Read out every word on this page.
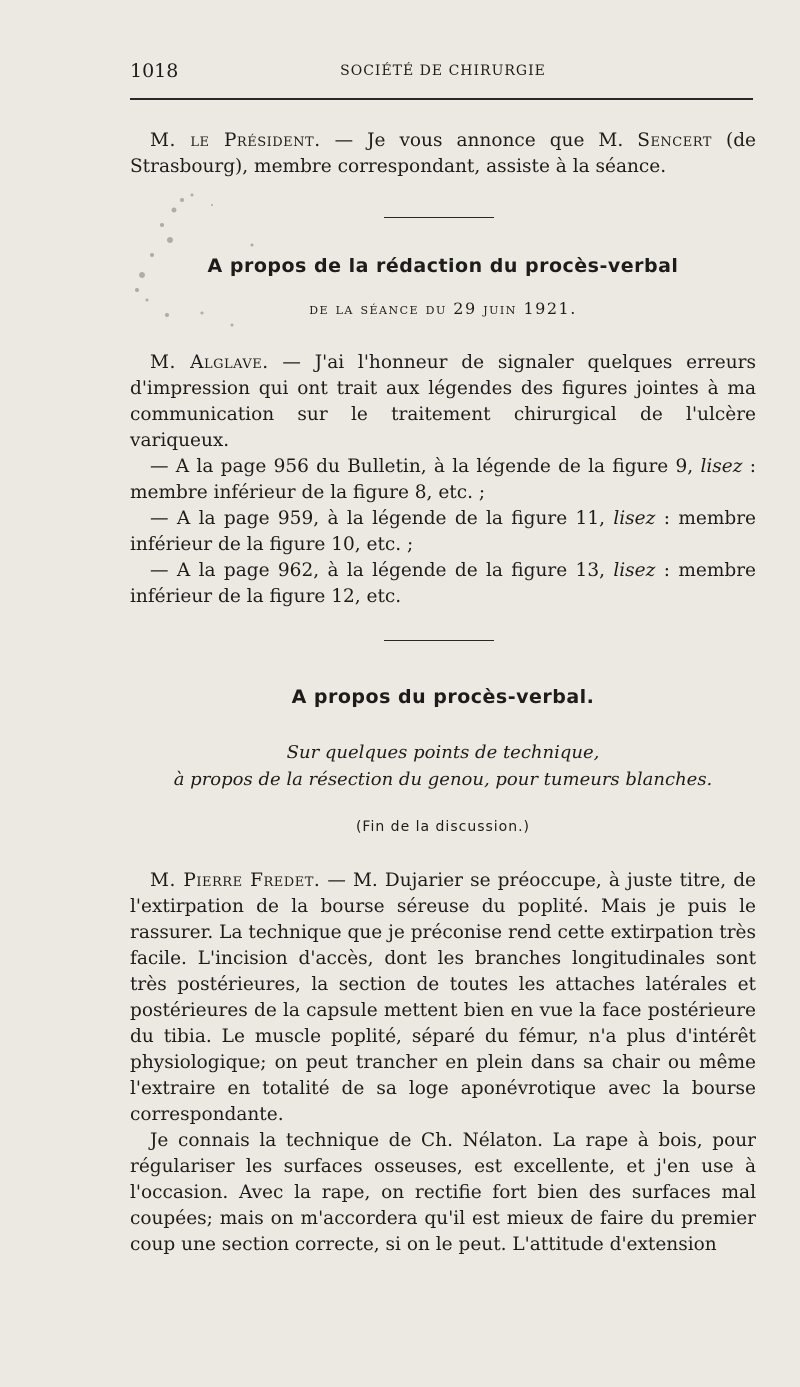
1018	SOCIÉTÉ DE CHIRURGIE

M. le Président. — Je vous annonce que M. Sencert (de Strasbourg), membre correspondant, assiste à la séance.

A propos de la rédaction du procès-verbal
de la séance du 29 juin 1921.

M. Alglave. — J'ai l'honneur de signaler quelques erreurs d'impression qui ont trait aux légendes des figures jointes à ma communication sur le traitement chirurgical de l'ulcère variqueux.

— A la page 956 du Bulletin, à la légende de la figure 9, lisez : membre inférieur de la figure 8, etc. ;

— A la page 959, à la légende de la figure 11, lisez : membre inférieur de la figure 10, etc. ;

— A la page 962, à la légende de la figure 13, lisez : membre inférieur de la figure 12, etc.

A propos du procès-verbal.
Sur quelques points de technique,
à propos de la résection du genou, pour tumeurs blanches.
(Fin de la discussion.)

M. Pierre Fredet. — M. Dujarier se préoccupe, à juste titre, de l'extirpation de la bourse séreuse du poplité. Mais je puis le rassurer. La technique que je préconise rend cette extirpation très facile. L'incision d'accès, dont les branches longitudinales sont très postérieures, la section de toutes les attaches latérales et postérieures de la capsule mettent bien en vue la face postérieure du tibia. Le muscle poplité, séparé du fémur, n'a plus d'intérêt physiologique; on peut trancher en plein dans sa chair ou même l'extraire en totalité de sa loge aponévrotique avec la bourse correspondante.

Je connais la technique de Ch. Nélaton. La rape à bois, pour régulariser les surfaces osseuses, est excellente, et j'en use à l'occasion. Avec la rape, on rectifie fort bien des surfaces mal coupées; mais on m'accordera qu'il est mieux de faire du premier coup une section correcte, si on le peut. L'attitude d'extension
